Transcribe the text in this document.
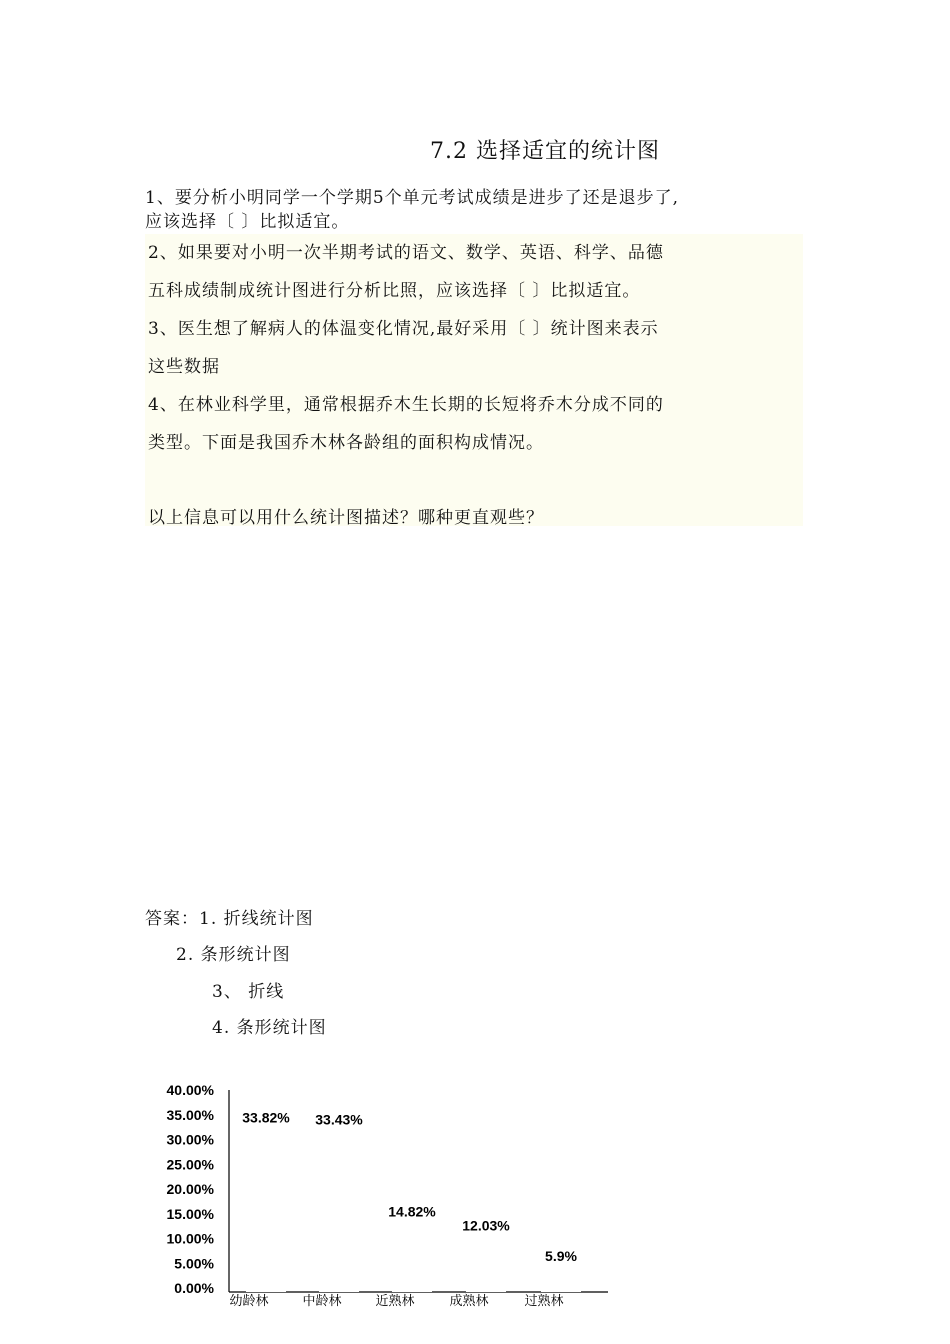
7.2 选择适宜的统计图
1、要分析小明同学一个学期5个单元考试成绩是进步了还是退步了,
应该选择〔 〕比拟适宜。
2、如果要对小明一次半期考试的语文、数学、英语、科学、品德
五科成绩制成统计图进行分析比照，应该选择〔 〕比拟适宜。
3、医生想了解病人的体温变化情况,最好采用〔 〕统计图来表示
这些数据
4、在林业科学里，通常根据乔木生长期的长短将乔木分成不同的
类型。下面是我国乔木林各龄组的面积构成情况。
以上信息可以用什么统计图描述？哪种更直观些？
答案：1. 折线统计图
2. 条形统计图
3、 折线
4. 条形统计图
0.00%
5.00%
10.00%
15.00%
20.00%
25.00%
30.00%
35.00%
40.00%
33.82% 33.43%
14.82%
12.03%
5.9%
幼龄林	中龄林	近熟林	成熟林	过熟林
